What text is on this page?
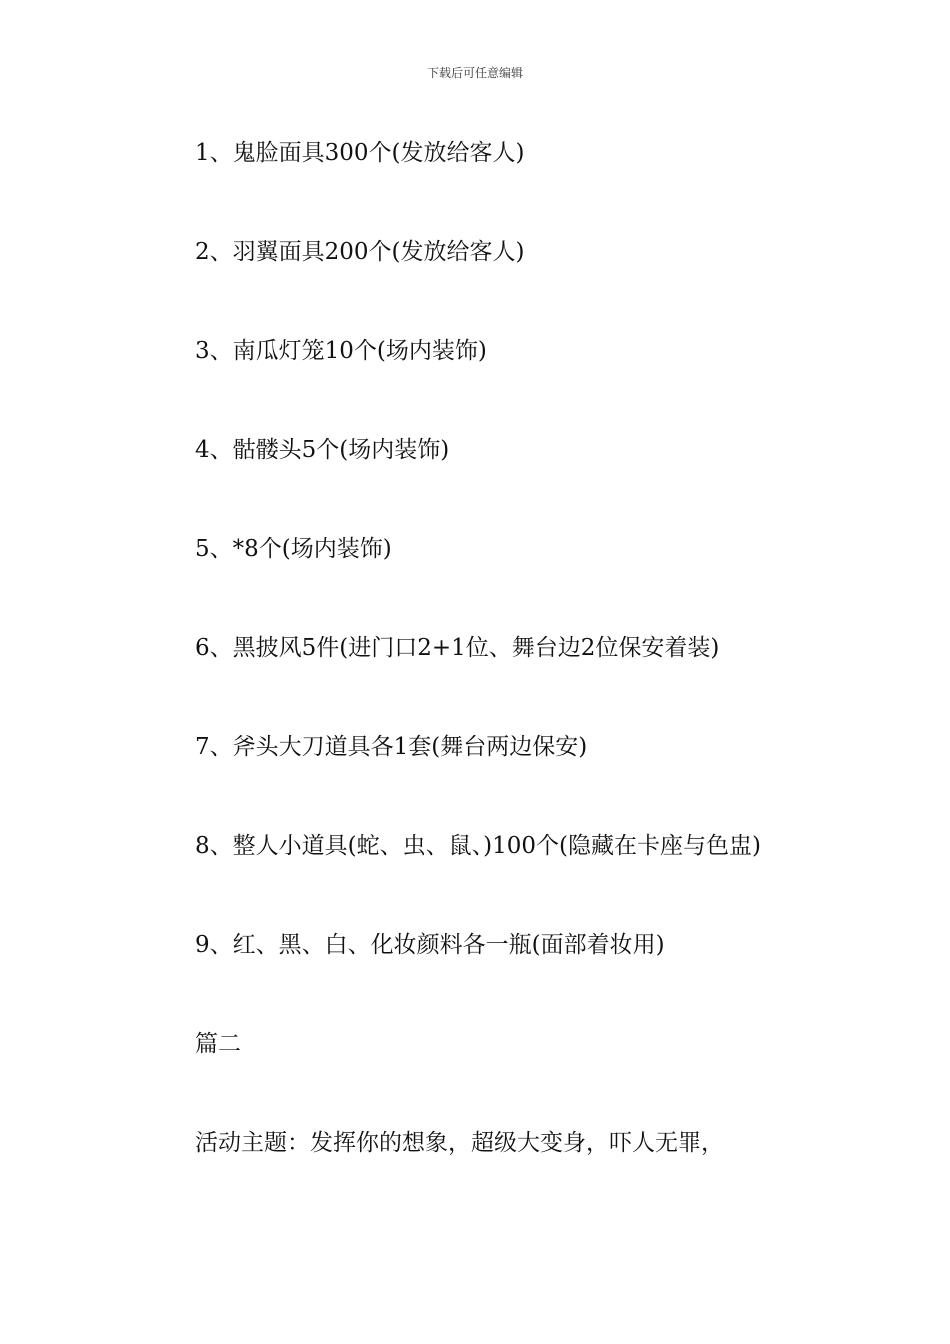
下载后可任意编辑

1、鬼脸面具300个(发放给客人)

2、羽翼面具200个(发放给客人)

3、南瓜灯笼10个(场内装饰)

4、骷髅头5个(场内装饰)

5、*8个(场内装饰)

6、黑披风5件(进门口2+1位、舞台边2位保安着装)

7、斧头大刀道具各1套(舞台两边保安)

8、整人小道具(蛇、虫、鼠、)100个(隐藏在卡座与色盅)

9、红、黑、白、化妆颜料各一瓶(面部着妆用)

篇二

活动主题：发挥你的想象，超级大变身，吓人无罪，
